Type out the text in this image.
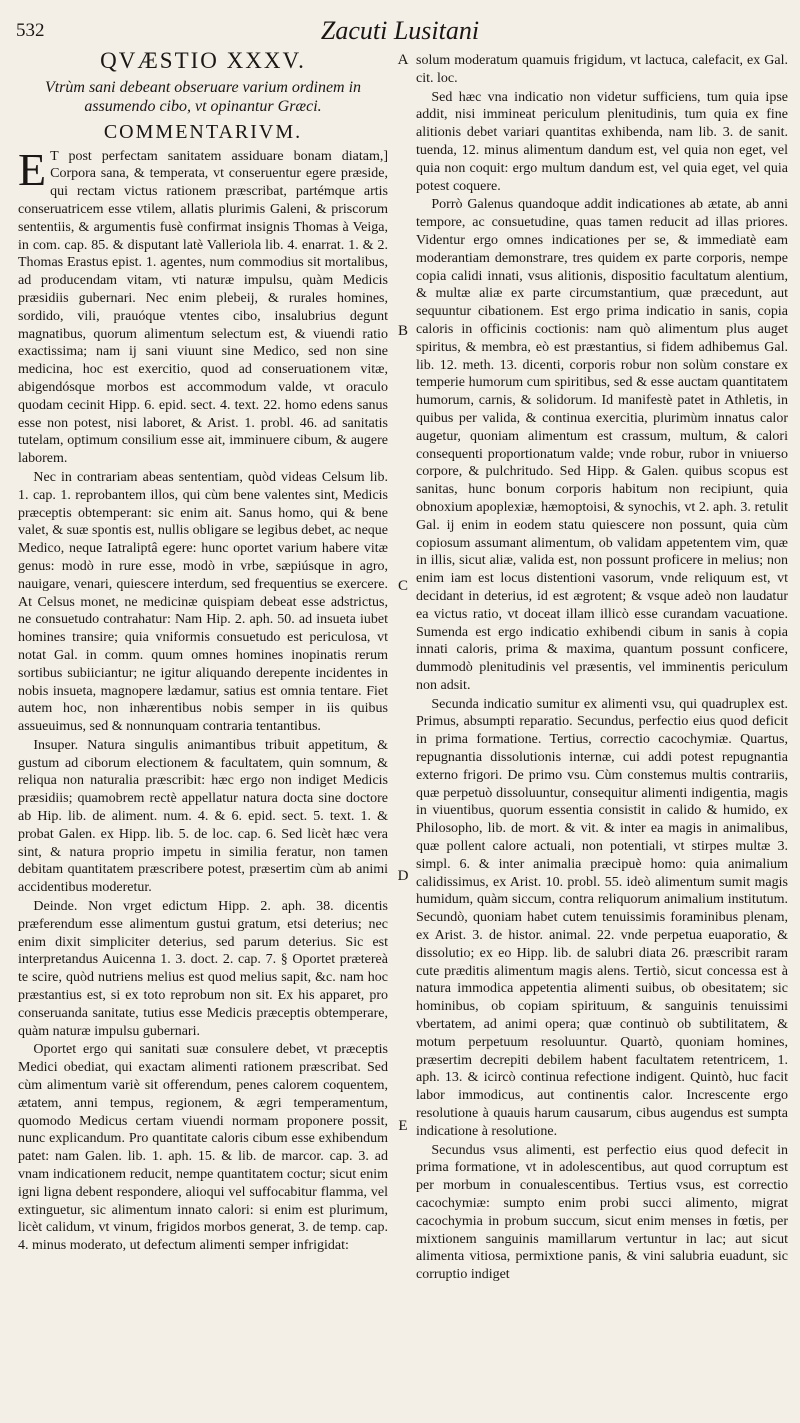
532	Zacuti Lusitani
QVÆSTIO XXXV.
Vtrùm sani debeant obseruare varium ordinem in assumendo cibo, vt opinantur Græci.
COMMENTARIVM.

E T post perfectam sanitatem assiduare bonam diatam,] Corpora sana, & temperata, vt conseruentur egere præside, qui rectam victus rationem præscribat, partémque artis conseruatricem esse vtilem, allatis plurimis Galeni, & priscorum sententiis, & argumentis fusè confirmat insignis Thomas à Veiga, in com. cap. 85. & disputant latè Valleriola lib. 4. enarrat. 1. & 2. Thomas Erastus epist. 1. agentes, num commodius sit mortalibus, ad producendam vitam, vti naturæ impulsu, quàm Medicis præsidiis gubernari. Nec enim plebeij, & rurales homines, sordido, vili, prauóque vtentes cibo, insalubrius degunt magnatibus, quorum alimentum selectum est, & viuendi ratio exactissima; nam ij sani viuunt sine Medico, sed non sine medicina, hoc est exercitio, quod ad conseruationem vitæ, abigendósque morbos est accommodum valde, vt oraculo quodam cecinit Hipp. 6. epid. sect. 4. text. 22. homo edens sanus esse non potest, nisi laboret, & Arist. 1. probl. 46. ad sanitatis tutelam, optimum consilium esse ait, imminuere cibum, & augere laborem.

Nec in contrariam abeas sententiam, quòd videas Celsum lib. 1. cap. 1. reprobantem illos, qui cùm bene valentes sint, Medicis præceptis obtemperant: sic enim ait. Sanus homo, qui & bene valet, & suæ spontis est, nullis obligare se legibus debet, ac neque Medico, neque Iatraliptâ egere: hunc oportet varium habere vitæ genus: modò in rure esse, modò in vrbe, sæpiúsque in agro, nauigare, venari, quiescere interdum, sed frequentius se exercere. At Celsus monet, ne medicinæ quispiam debeat esse adstrictus, ne consuetudo contrahatur: Nam Hip. 2. aph. 50. ad insueta iubet homines transire; quia vniformis consuetudo est periculosa, vt notat Gal. in comm. quum omnes homines inopinatis rerum sortibus subiiciantur; ne igitur aliquando derepente incidentes in nobis insueta, magnopere lædamur, satius est omnia tentare. Fiet autem hoc, non inhærentibus nobis semper in iis quibus assueuimus, sed & nonnunquam contraria tentantibus.

Insuper. Natura singulis animantibus tribuit appetitum, & gustum ad ciborum electionem & facultatem, quin somnum, & reliqua non naturalia præscribit: hæc ergo non indiget Medicis præsidiis; quamobrem rectè appellatur natura docta sine doctore ab Hip. lib. de aliment. num. 4. & 6. epid. sect. 5. text. 1. & probat Galen. ex Hipp. lib. 5. de loc. cap. 6. Sed licèt hæc vera sint, & natura proprio impetu in similia feratur, non tamen debitam quantitatem præscribere potest, præsertim cùm ab animi accidentibus moderetur.

Deinde. Non vrget edictum Hipp. 2. aph. 38. dicentis præferendum esse alimentum gustui gratum, etsi deterius; nec enim dixit simpliciter deterius, sed parum deterius. Sic est interpretandus Auicenna 1. 3. doct. 2. cap. 7. § Oportet prætereà te scire, quòd nutriens melius est quod melius sapit, &c. nam hoc præstantius est, si ex toto reprobum non sit. Ex his apparet, pro conseruanda sanitate, tutius esse Medicis præceptis obtemperare, quàm naturæ impulsu gubernari.

Oportet ergo qui sanitati suæ consulere debet, vt præceptis Medici obediat, qui exactam alimenti rationem præscribat. Sed cùm alimentum variè sit offerendum, penes calorem coquentem, ætatem, anni tempus, regionem, & ægri temperamentum, quomodo Medicus certam viuendi normam proponere possit, nunc explicandum. Pro quantitate caloris cibum esse exhibendum patet: nam Galen. lib. 1. aph. 15. & lib. de marcor. cap. 3. ad vnam indicationem reducit, nempe quantitatem coctur; sicut enim igni ligna debent respondere, alioqui vel suffocabitur flamma, vel extinguetur, sic alimentum innato calori: si enim est plurimum, licèt calidum, vt vinum, frigidos morbos generat, 3. de temp. cap. 4. minus moderato, ut defectum alimenti semper infrigidat:

A
B
C
D
E

solum moderatum quamuis frigidum, vt lactuca, calefacit, ex Gal. cit. loc.

Sed hæc vna indicatio non videtur sufficiens, tum quia ipse addit, nisi immineat periculum plenitudinis, tum quia ex fine alitionis debet variari quantitas exhibenda, nam lib. 3. de sanit. tuenda, 12. minus alimentum dandum est, vel quia non eget, vel quia non coquit: ergo multum dandum est, vel quia eget, vel quia potest coquere.

Porrò Galenus quandoque addit indicationes ab ætate, ab anni tempore, ac consuetudine, quas tamen reducit ad illas priores. Videntur ergo omnes indicationes per se, & immediatè eam moderantiam demonstrare, tres quidem ex parte corporis, nempe copia calidi innati, vsus alitionis, dispositio facultatum alentium, & multæ aliæ ex parte circumstantium, quæ præcedunt, aut sequuntur cibationem. Est ergo prima indicatio in sanis, copia caloris in officinis coctionis: nam quò alimentum plus auget spiritus, & membra, eò est præstantius, si fidem adhibemus Gal. lib. 12. meth. 13. dicenti, corporis robur non solùm constare ex temperie humorum cum spiritibus, sed & esse auctam quantitatem humorum, carnis, & solidorum. Id manifestè patet in Athletis, in quibus per valida, & continua exercitia, plurimùm innatus calor augetur, quoniam alimentum est crassum, multum, & calori consequenti proportionatum valde; vnde robur, rubor in vniuerso corpore, & pulchritudo. Sed Hipp. & Galen. quibus scopus est sanitas, hunc bonum corporis habitum non recipiunt, quia obnoxium apoplexiæ, hæmoptoisi, & synochis, vt 2. aph. 3. retulit Gal. ij enim in eodem statu quiescere non possunt, quia cùm copiosum assumant alimentum, ob validam appetentem vim, quæ in illis, sicut aliæ, valida est, non possunt proficere in melius; non enim iam est locus distentioni vasorum, vnde reliquum est, vt decidant in deterius, id est ægrotent; & vsque adeò non laudatur ea victus ratio, vt doceat illam illicò esse curandam vacuatione. Sumenda est ergo indicatio exhibendi cibum in sanis à copia innati caloris, prima & maxima, quantum possunt conficere, dummodò plenitudinis vel præsentis, vel imminentis periculum non adsit.

Secunda indicatio sumitur ex alimenti vsu, qui quadruplex est. Primus, absumpti reparatio. Secundus, perfectio eius quod deficit in prima formatione. Tertius, correctio cacochymiæ. Quartus, repugnantia dissolutionis internæ, cui addi potest repugnantia externo frigori. De primo vsu. Cùm constemus multis contrariis, quæ perpetuò dissoluuntur, consequitur alimenti indigentia, magis in viuentibus, quorum essentia consistit in calido & humido, ex Philosopho, lib. de mort. & vit. & inter ea magis in animalibus, quæ pollent calore actuali, non potentiali, vt stirpes multæ 3. simpl. 6. & inter animalia præcipuè homo: quia animalium calidissimus, ex Arist. 10. probl. 55. ideò alimentum sumit magis humidum, quàm siccum, contra reliquorum animalium institutum. Secundò, quoniam habet cutem tenuissimis foraminibus plenam, ex Arist. 3. de histor. animal. 22. vnde perpetua euaporatio, & dissolutio; ex eo Hipp. lib. de salubri diata 26. præscribit raram cute præditis alimentum magis alens. Tertiò, sicut concessa est à natura immodica appetentia alimenti suibus, ob obesitatem; sic hominibus, ob copiam spirituum, & sanguinis tenuissimi vbertatem, ad animi opera; quæ continuò ob subtilitatem, & motum perpetuum resoluuntur. Quartò, quoniam homines, præsertim decrepiti debilem habent facultatem retentricem, 1. aph. 13. & icircò continua refectione indigent. Quintò, huc facit labor immodicus, aut continentis calor. Increscente ergo resolutione à quauis harum causarum, cibus augendus est sumpta indicatione à resolutione.

Secundus vsus alimenti, est perfectio eius quod defecit in prima formatione, vt in adolescentibus, aut quod corruptum est per morbum in conualescentibus. Tertius vsus, est correctio cacochymiæ: sumpto enim probi succi alimento, migrat cacochymia in probum succum, sicut enim menses in fœtis, per mixtionem sanguinis mamillarum vertuntur in lac; aut sicut alimenta vitiosa, permixtione panis, & vini salubria euadunt, sic corruptio indiget
